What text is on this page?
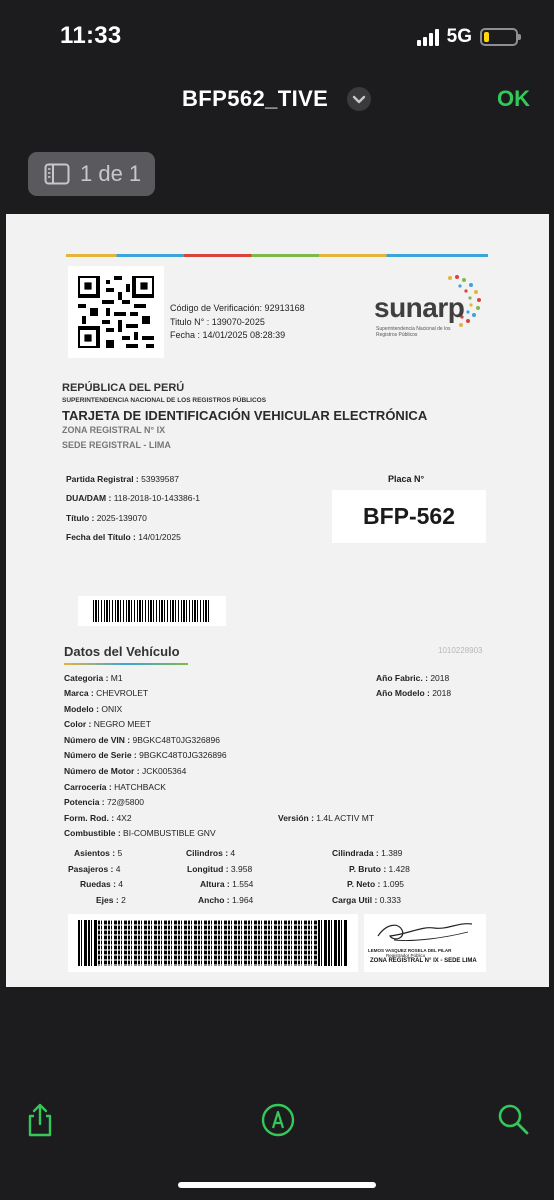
11:33	5G
BFP562_TIVE	OK
1 de 1
Código de Verificación: 92913168
Titulo N° : 139070-2025
Fecha : 14/01/2025 08:28:39
sunarp
Superintendencia Nacional de los Registros Públicos
REPÚBLICA DEL PERÚ
SUPERINTENDENCIA NACIONAL DE LOS REGISTROS PÚBLICOS
TARJETA DE IDENTIFICACIÓN VEHICULAR ELECTRÓNICA
ZONA REGISTRAL N° IX
SEDE REGISTRAL - LIMA
Partida Registral : 53939587
DUA/DAM : 118-2018-10-143386-1
Título : 2025-139070
Fecha del Título : 14/01/2025
Placa N°
BFP-562
1010228903
Datos del Vehículo
Categoria : M1
Marca : CHEVROLET
Modelo : ONIX
Color : NEGRO MEET
Número de VIN : 9BGKC48T0JG326896
Número de Serie : 9BGKC48T0JG326896
Número de Motor : JCK005364
Carrocería : HATCHBACK
Potencia : 72@5800
Form. Rod. : 4X2
Combustible : BI-COMBUSTIBLE GNV
Año Fabric. : 2018
Año Modelo : 2018
Versión : 1.4L ACTIV MT
Asientos : 5
Pasajeros : 4
Ruedas : 4
Ejes : 2
Cilindros : 4
Longitud : 3.958
Altura : 1.554
Ancho : 1.964
Cilindrada : 1.389
P. Bruto : 1.428
P. Neto : 1.095
Carga Util : 0.333
LEMOS VASQUEZ ROSELA DEL PILAR
Registrador Público
ZONA REGISTRAL N° IX - SEDE LIMA
